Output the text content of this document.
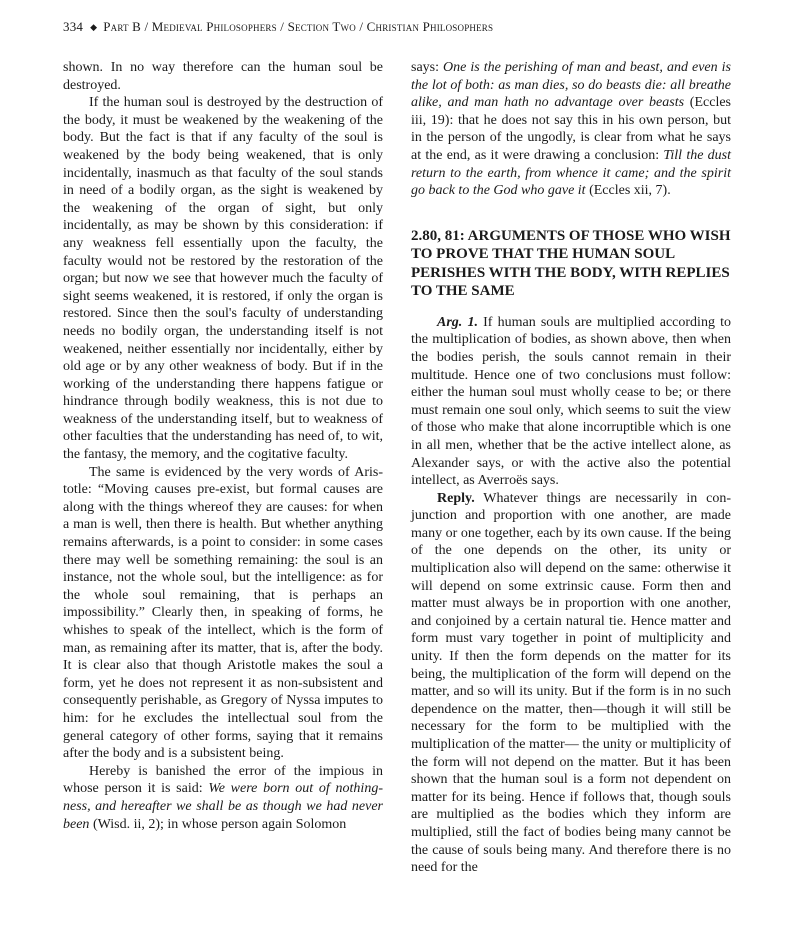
334 ◆ Part B / Medieval Philosophers / Section Two / Christian Philosophers

shown. In no way therefore can the human soul be destroyed.

If the human soul is destroyed by the destruction of the body, it must be weakened by the weakening of the body. But the fact is that if any faculty of the soul is weakened by the body being weakened, that is only incidentally, inasmuch as that faculty of the soul stands in need of a bodily organ, as the sight is weakened by the weakening of the organ of sight, but only incidentally, as may be shown by this consideration: if any weakness fell essentially upon the faculty, the faculty would not be restored by the restoration of the organ; but now we see that however much the faculty of sight seems weakened, it is restored, if only the organ is restored. Since then the soul's faculty of understanding needs no bodily organ, the understanding itself is not weakened, neither essentially nor incidentally, either by old age or by any other weakness of body. But if in the working of the understanding there happens fatigue or hindrance through bodily weakness, this is not due to weakness of the understanding itself, but to weakness of other faculties that the understanding has need of, to wit, the fantasy, the memory, and the cogitative faculty.

The same is evidenced by the very words of Aristotle: “Moving causes pre-exist, but formal causes are along with the things whereof they are causes: for when a man is well, then there is health. But whether anything remains afterwards, is a point to consider: in some cases there may well be something remaining: the soul is an instance, not the whole soul, but the intelligence: as for the whole soul remaining, that is perhaps an impossibility.” Clearly then, in speaking of forms, he whishes to speak of the intellect, which is the form of man, as remaining after its matter, that is, after the body. It is clear also that though Aristotle makes the soul a form, yet he does not represent it as non-subsistent and consequently perishable, as Gregory of Nyssa imputes to him: for he excludes the intellectual soul from the general category of other forms, saying that it remains after the body and is a subsistent being.

Hereby is banished the error of the impious in whose person it is said: We were born out of nothingness, and hereafter we shall be as though we had never been (Wisd. ii, 2); in whose person again Solomon

says: One is the perishing of man and beast, and even is the lot of both: as man dies, so do beasts die: all breathe alike, and man hath no advantage over beasts (Eccles iii, 19): that he does not say this in his own person, but in the person of the ungodly, is clear from what he says at the end, as it were drawing a conclusion: Till the dust return to the earth, from whence it came; and the spirit go back to the God who gave it (Eccles xii, 7).

2.80, 81: ARGUMENTS OF THOSE WHO WISH TO PROVE THAT THE HUMAN SOUL PERISHES WITH THE BODY, WITH REPLIES TO THE SAME

Arg. 1. If human souls are multiplied according to the multiplication of bodies, as shown above, then when the bodies perish, the souls cannot remain in their multitude. Hence one of two conclusions must follow: either the human soul must wholly cease to be; or there must remain one soul only, which seems to suit the view of those who make that alone incorruptible which is one in all men, whether that be the active intellect alone, as Alexander says, or with the active also the potential intellect, as Averroës says.

Reply. Whatever things are necessarily in conjunction and proportion with one another, are made many or one together, each by its own cause. If the being of the one depends on the other, its unity or multiplication also will depend on the same: otherwise it will depend on some extrinsic cause. Form then and matter must always be in proportion with one another, and conjoined by a certain natural tie. Hence matter and form must vary together in point of multiplicity and unity. If then the form depends on the matter for its being, the multiplication of the form will depend on the matter, and so will its unity. But if the form is in no such dependence on the matter, then—though it will still be necessary for the form to be multiplied with the multiplication of the matter— the unity or multiplicity of the form will not depend on the matter. But it has been shown that the human soul is a form not dependent on matter for its being. Hence if follows that, though souls are multiplied as the bodies which they inform are multiplied, still the fact of bodies being many cannot be the cause of souls being many. And therefore there is no need for the
